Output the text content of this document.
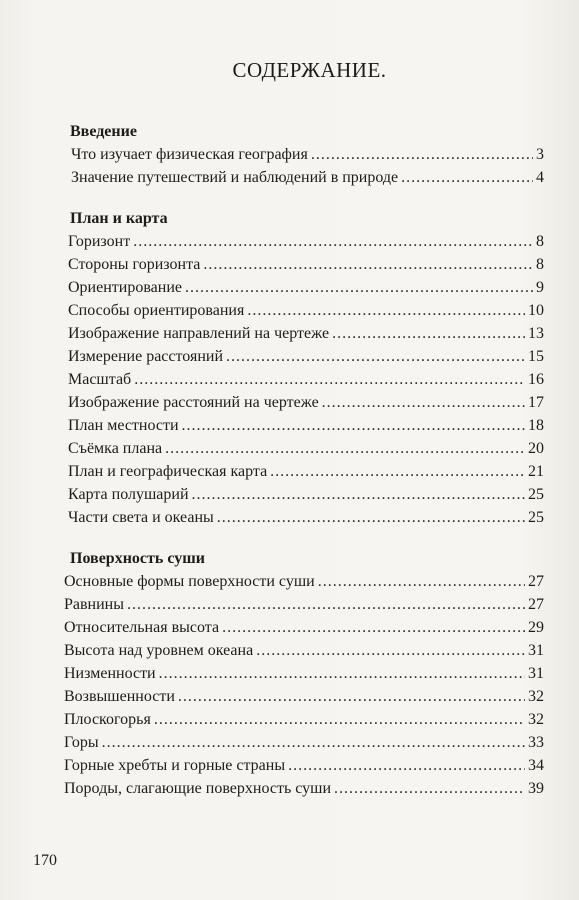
СОДЕРЖАНИЕ.
Введение
Что изучает физическая география .....	3
Значение путешествий и наблюдений в природе .....	4
План и карта
Горизонт .....	8
Стороны горизонта .....	8
Ориентирование .....	9
Способы ориентирования .....	10
Изображение направлений на чертеже .....	13
Измерение расстояний .....	15
Масштаб .....	16
Изображение расстояний на чертеже .....	17
План местности .....	18
Съёмка плана .....	20
План и географическая карта .....	21
Карта полушарий .....	25
Части света и океаны .....	25
Поверхность суши
Основные формы поверхности суши .....	27
Равнины .....	27
Относительная высота .....	29
Высота над уровнем океана .....	31
Низменности .....	31
Возвышенности .....	32
Плоскогорья .....	32
Горы .....	33
Горные хребты и горные страны .....	34
Породы, слагающие поверхность суши .....	39
170
